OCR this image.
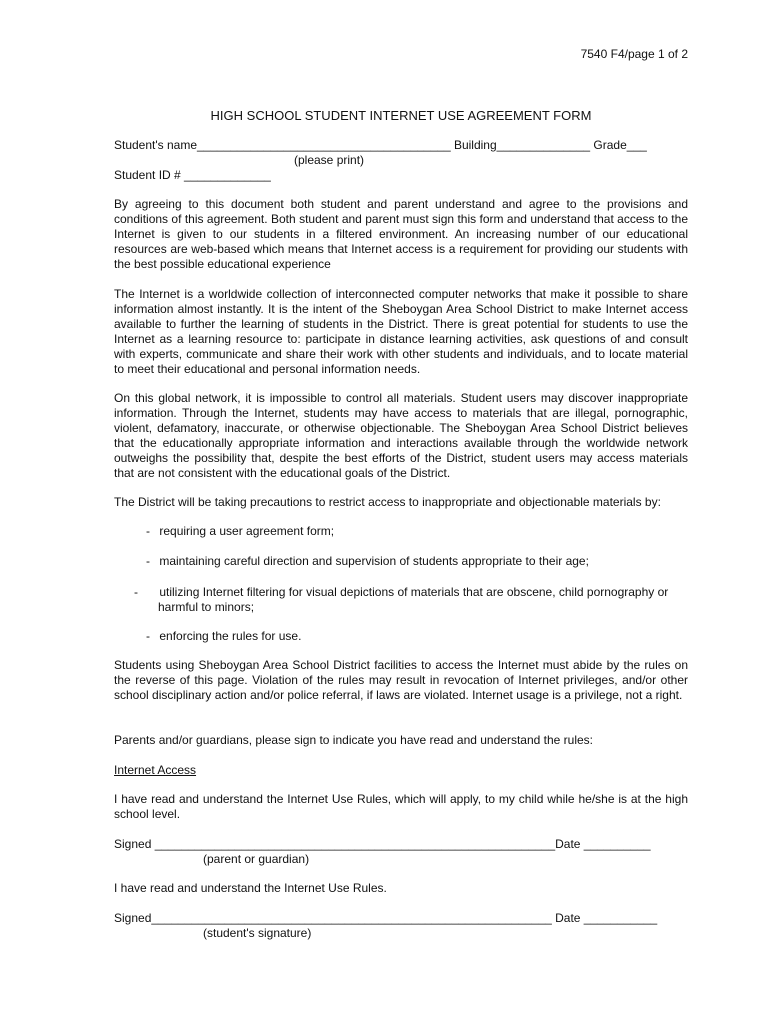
7540 F4/page 1 of 2
HIGH SCHOOL STUDENT INTERNET USE AGREEMENT FORM
Student's name______________________________________ Building______________ Grade___
(please print)
Student ID # _____________
By agreeing to this document both student and parent understand and agree to the provisions and conditions of this agreement. Both student and parent must sign this form and understand that access to the Internet is given to our students in a filtered environment. An increasing number of our educational resources are web-based which means that Internet access is a requirement for providing our students with the best possible educational experience
The Internet is a worldwide collection of interconnected computer networks that make it possible to share information almost instantly. It is the intent of the Sheboygan Area School District to make Internet access available to further the learning of students in the District. There is great potential for students to use the Internet as a learning resource to: participate in distance learning activities, ask questions of and consult with experts, communicate and share their work with other students and individuals, and to locate material to meet their educational and personal information needs.
On this global network, it is impossible to control all materials. Student users may discover inappropriate information. Through the Internet, students may have access to materials that are illegal, pornographic, violent, defamatory, inaccurate, or otherwise objectionable. The Sheboygan Area School District believes that the educationally appropriate information and interactions available through the worldwide network outweighs the possibility that, despite the best efforts of the District, student users may access materials that are not consistent with the educational goals of the District.
The District will be taking precautions to restrict access to inappropriate and objectionable materials by:
- requiring a user agreement form;
- maintaining careful direction and supervision of students appropriate to their age;
- utilizing Internet filtering for visual depictions of materials that are obscene, child pornography or harmful to minors;
- enforcing the rules for use.
Students using Sheboygan Area School District facilities to access the Internet must abide by the rules on the reverse of this page. Violation of the rules may result in revocation of Internet privileges, and/or other school disciplinary action and/or police referral, if laws are violated. Internet usage is a privilege, not a right.
Parents and/or guardians, please sign to indicate you have read and understand the rules:
Internet Access
I have read and understand the Internet Use Rules, which will apply, to my child while he/she is at the high school level.
Signed ____________________________________________________________Date __________
(parent or guardian)
I have read and understand the Internet Use Rules.
Signed____________________________________________________________ Date ___________
(student's signature)
